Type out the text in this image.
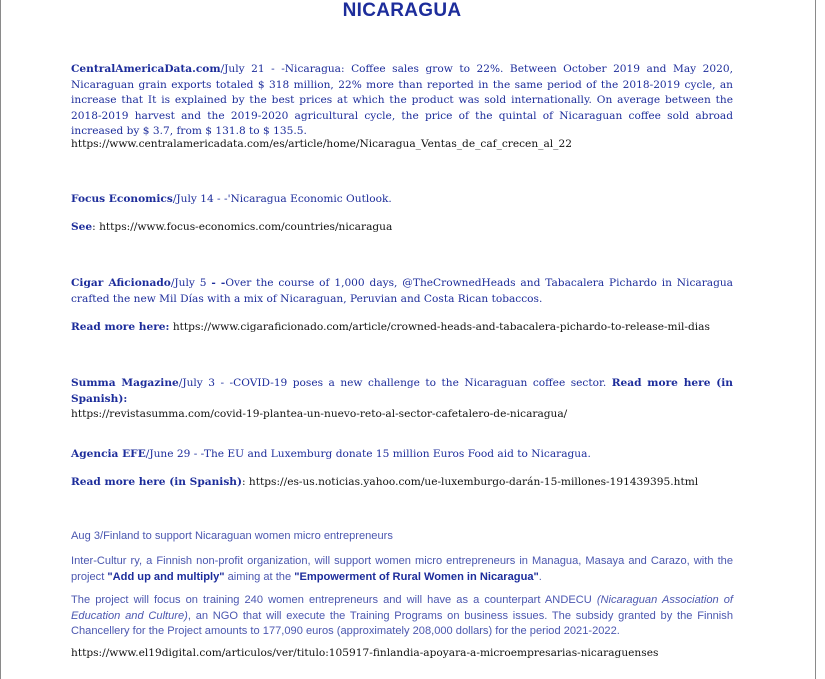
NICARAGUA
CentralAmericaData.com/July 21 - -Nicaragua: Coffee sales grow to 22%. Between October 2019 and May 2020, Nicaraguan grain exports totaled $ 318 million, 22% more than reported in the same period of the 2018-2019 cycle, an increase that It is explained by the best prices at which the product was sold internationally. On average between the 2018-2019 harvest and the 2019-2020 agricultural cycle, the price of the quintal of Nicaraguan coffee sold abroad increased by $ 3.7, from $ 131.8 to $ 135.5.
https://www.centralamericadata.com/es/article/home/Nicaragua_Ventas_de_caf_crecen_al_22
Focus Economics/July 14 - -'Nicaragua Economic Outlook.
See: https://www.focus-economics.com/countries/nicaragua
Cigar Aficionado/July 5 - -Over the course of 1,000 days, @TheCrownedHeads and Tabacalera Pichardo in Nicaragua crafted the new Mil Días with a mix of Nicaraguan, Peruvian and Costa Rican tobaccos.
Read more here: https://www.cigaraficionado.com/article/crowned-heads-and-tabacalera-pichardo-to-release-mil-dias
Summa Magazine/July 3 - -COVID-19 poses a new challenge to the Nicaraguan coffee sector. Read more here (in Spanish):
https://revistasumma.com/covid-19-plantea-un-nuevo-reto-al-sector-cafetalero-de-nicaragua/
Agencia EFE/June 29 - -The EU and Luxemburg donate 15 million Euros Food aid to Nicaragua.
Read more here (in Spanish): https://es-us.noticias.yahoo.com/ue-luxemburgo-darán-15-millones-191439395.html
Aug 3/Finland to support Nicaraguan women micro entrepreneurs
Inter-Cultur ry, a Finnish non-profit organization, will support women micro entrepreneurs in Managua, Masaya and Carazo, with the project "Add up and multiply" aiming at the "Empowerment of Rural Women in Nicaragua".
The project will focus on training 240 women entrepreneurs and will have as a counterpart ANDECU (Nicaraguan Association of Education and Culture), an NGO that will execute the Training Programs on business issues. The subsidy granted by the Finnish Chancellery for the Project amounts to 177,090 euros (approximately 208,000 dollars) for the period 2021-2022.
https://www.el19digital.com/articulos/ver/titulo:105917-finlandia-apoyara-a-microempresarias-nicaraguenses
